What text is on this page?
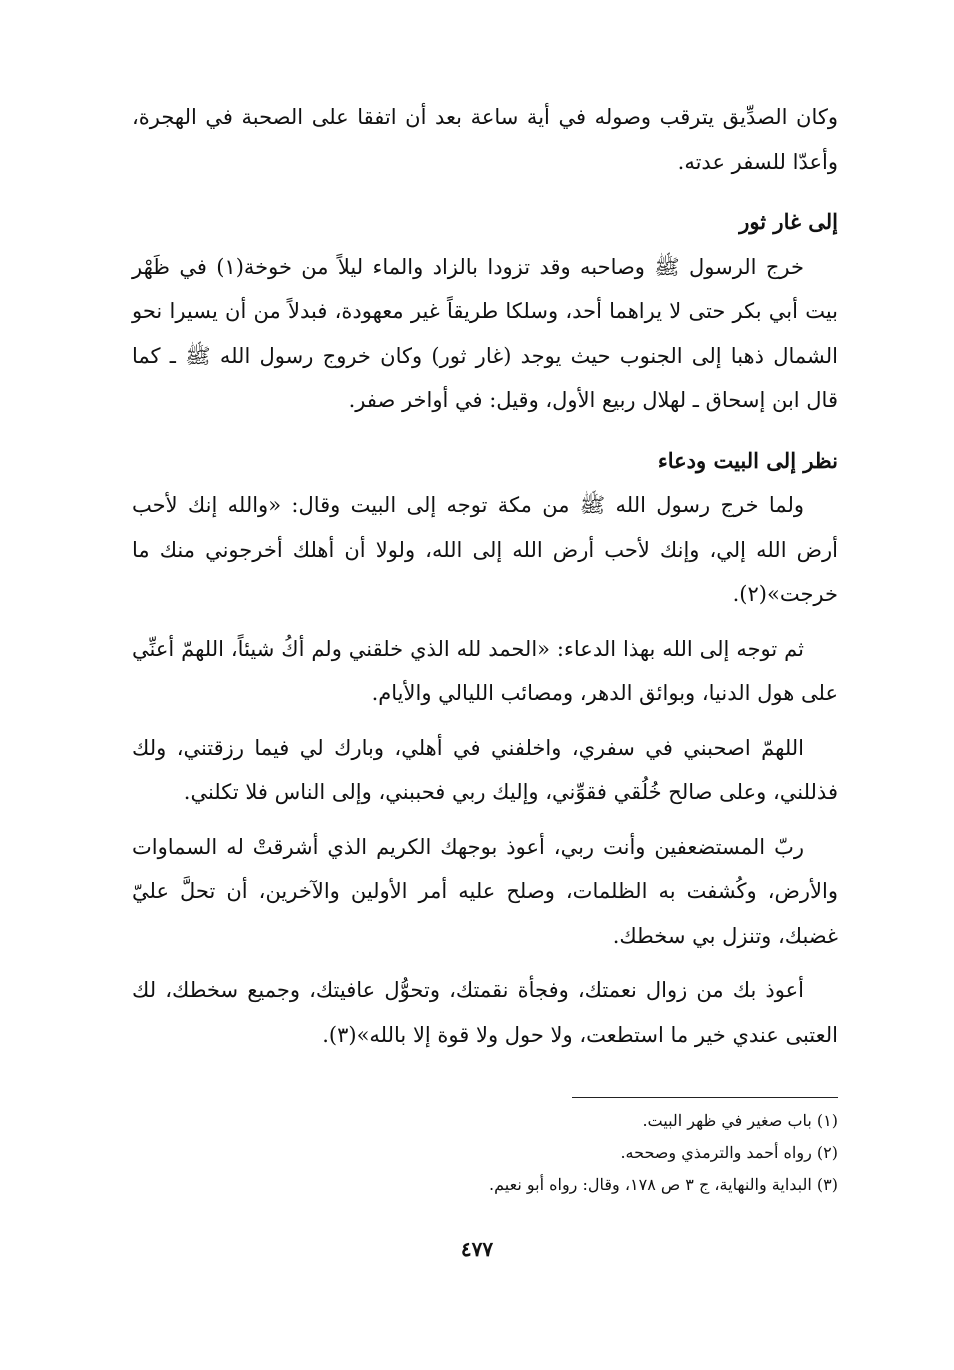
وكان الصدِّيق يترقب وصوله في أية ساعة بعد أن اتفقا على الصحبة في الهجرة، وأعدّا للسفر عدته.

إلى غار ثور

خرج الرسول ﷺ وصاحبه وقد تزودا بالزاد والماء ليلاً من خوخة(١) في ظَهْر بيت أبي بكر حتى لا يراهما أحد، وسلكا طريقاً غير معهودة، فبدلاً من أن يسيرا نحو الشمال ذهبا إلى الجنوب حيث يوجد (غار ثور) وكان خروج رسول الله ﷺ ـ كما قال ابن إسحاق ـ لهلال ربيع الأول، وقيل: في أواخر صفر.

نظر إلى البيت ودعاء

ولما خرج رسول الله ﷺ من مكة توجه إلى البيت وقال: «والله إنك لأحب أرض الله إلي، وإنك لأحب أرض الله إلى الله، ولولا أن أهلك أخرجوني منك ما خرجت»(٢).

ثم توجه إلى الله بهذا الدعاء: «الحمد لله الذي خلقني ولم أكُ شيئاً، اللهمّ أعنِّي على هول الدنيا، وبوائق الدهر، ومصائب الليالي والأيام.

اللهمّ اصحبني في سفري، واخلفني في أهلي، وبارك لي فيما رزقتني، ولك فذللني، وعلى صالح خُلُقي فقوِّني، وإليك ربي فحببني، وإلى الناس فلا تكلني.

ربّ المستضعفين وأنت ربي، أعوذ بوجهك الكريم الذي أشرقتْ له السماوات والأرض، وكُشفت به الظلمات، وصلح عليه أمر الأولين والآخرين، أن تحلَّ عليّ غضبك، وتنزل بي سخطك.

أعوذ بك من زوال نعمتك، وفجأة نقمتك، وتحوُّل عافيتك، وجميع سخطك، لك العتبى عندي خير ما استطعت، ولا حول ولا قوة إلا بالله»(٣).

(١) باب صغير في ظهر البيت.

(٢) رواه أحمد والترمذي وصححه.

(٣) البداية والنهاية، ج ٣ ص ١٧٨، وقال: رواه أبو نعيم.

٤٧٧
